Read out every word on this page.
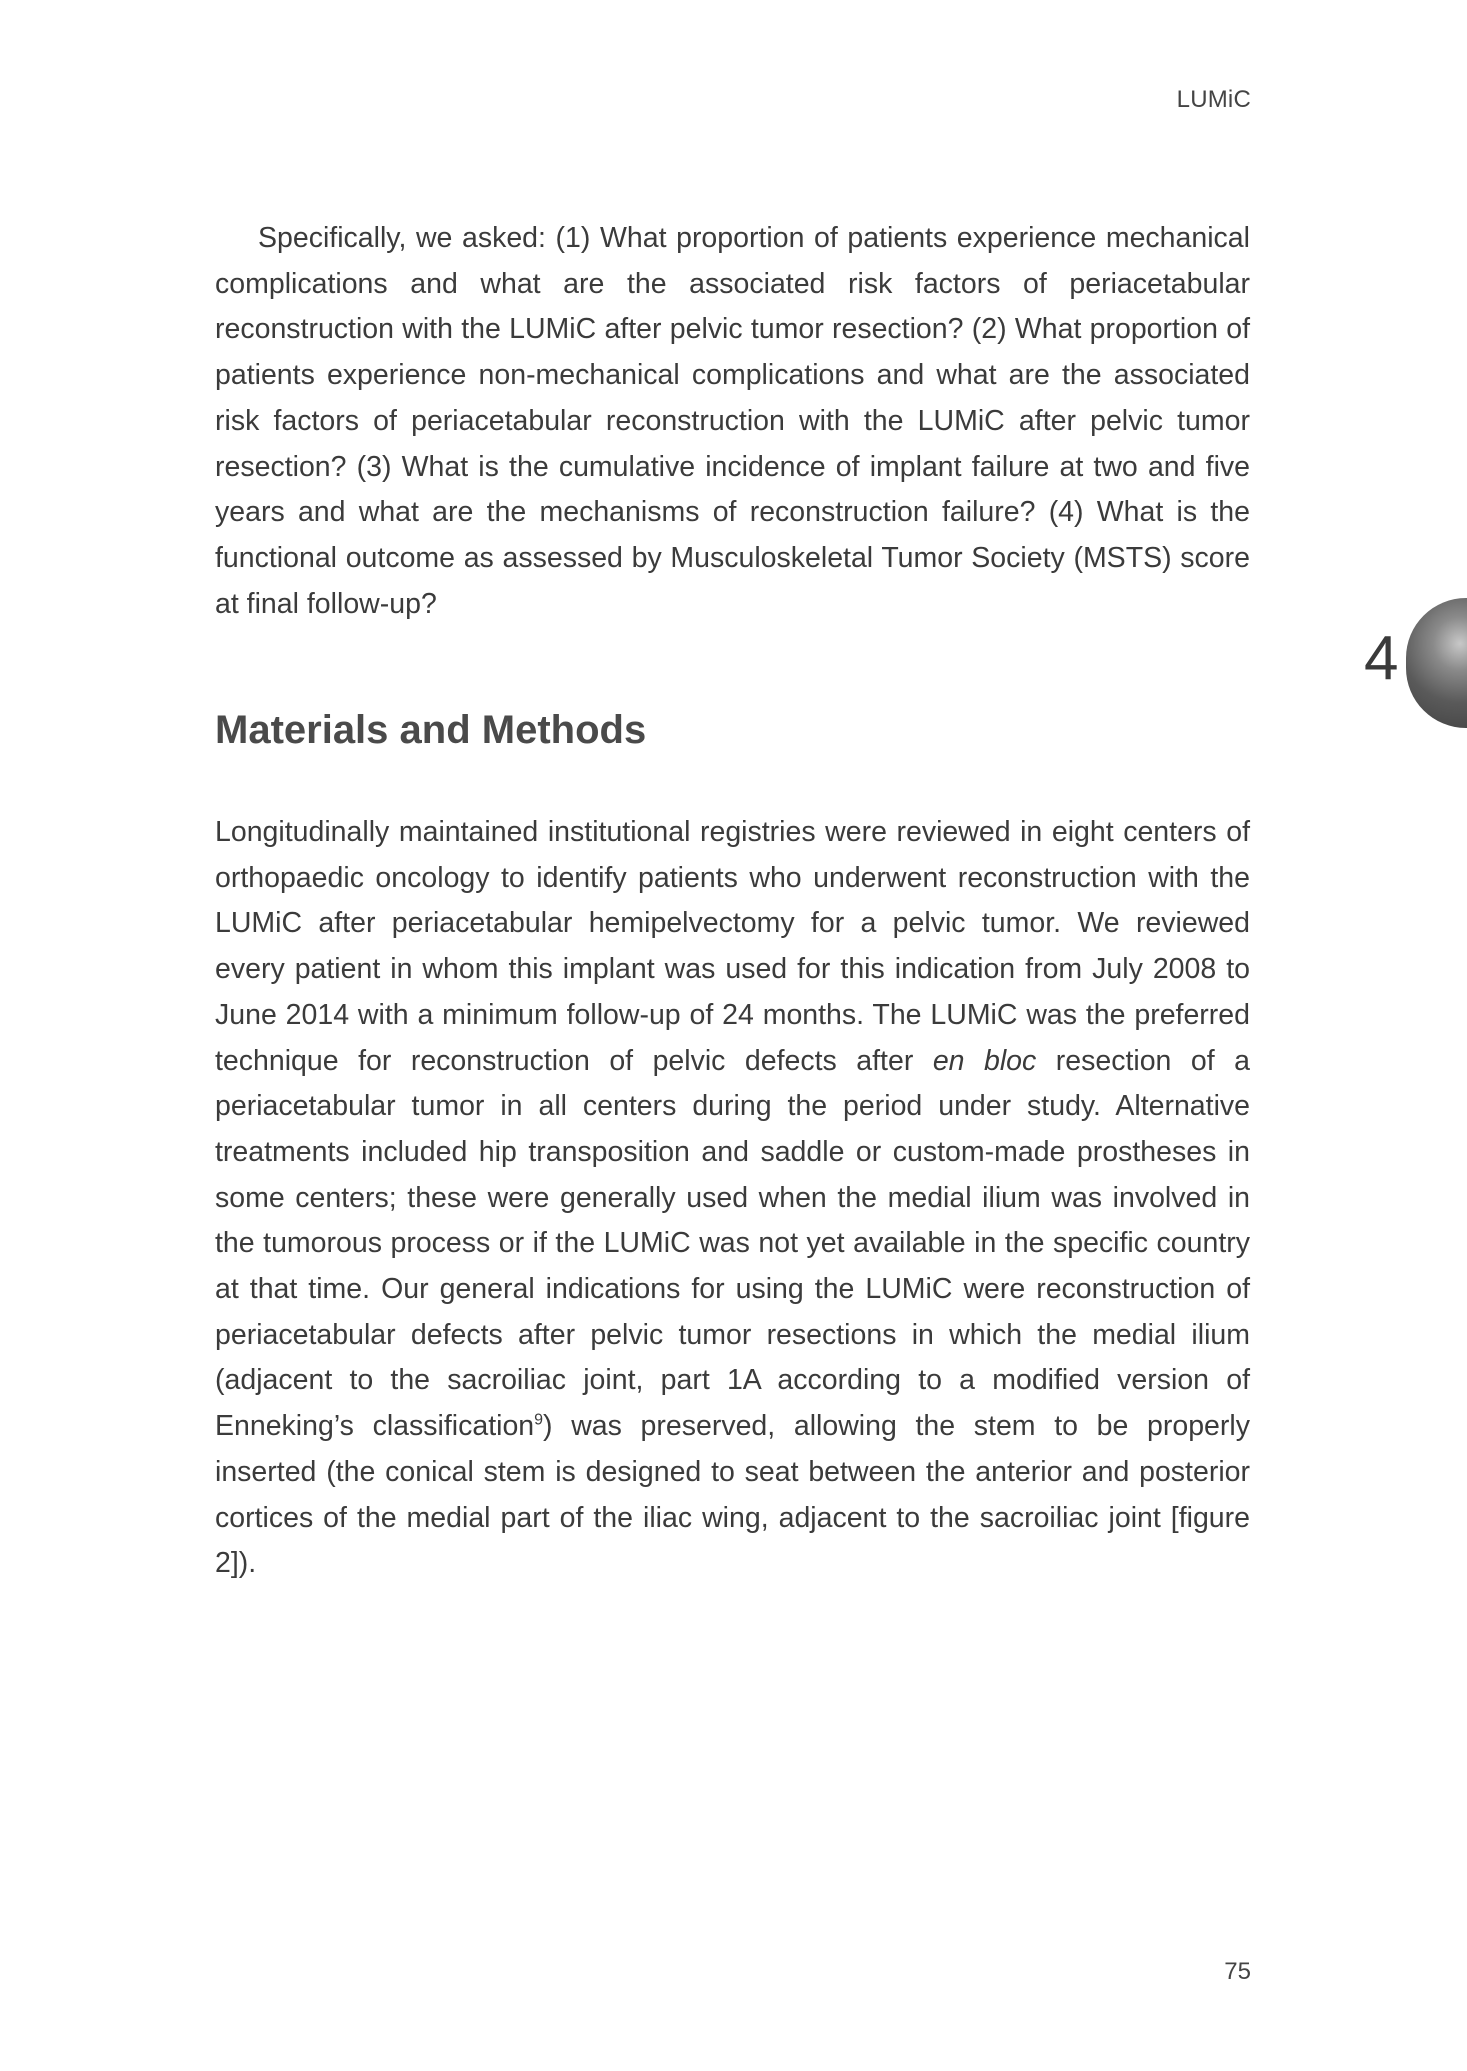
LUMiC

Specifically, we asked: (1) What proportion of patients experience mechanical complications and what are the associated risk factors of periacetabular reconstruction with the LUMiC after pelvic tumor resection? (2) What proportion of patients experience non-mechanical complications and what are the associated risk factors of periacetabular reconstruction with the LUMiC after pelvic tumor resection? (3) What is the cumulative incidence of implant failure at two and five years and what are the mechanisms of reconstruction failure? (4) What is the functional outcome as assessed by Musculoskeletal Tumor Society (MSTS) score at final follow-up?

Materials and Methods

Longitudinally maintained institutional registries were reviewed in eight centers of orthopaedic oncology to identify patients who underwent reconstruction with the LUMiC after periacetabular hemipelvectomy for a pelvic tumor. We reviewed every patient in whom this implant was used for this indication from July 2008 to June 2014 with a minimum follow-up of 24 months. The LUMiC was the preferred technique for reconstruction of pelvic defects after en bloc resection of a periacetabular tumor in all centers during the period under study. Alternative treatments included hip transposition and saddle or custom-made prostheses in some centers; these were generally used when the medial ilium was involved in the tumorous process or if the LUMiC was not yet available in the specific country at that time. Our general indications for using the LUMiC were reconstruction of periacetabular defects after pelvic tumor resections in which the medial ilium (adjacent to the sacroiliac joint, part 1A according to a modified version of Enneking’s classification$^9$) was preserved, allowing the stem to be properly inserted (the conical stem is designed to seat between the anterior and posterior cortices of the medial part of the iliac wing, adjacent to the sacroiliac joint [figure 2]).

4
75
